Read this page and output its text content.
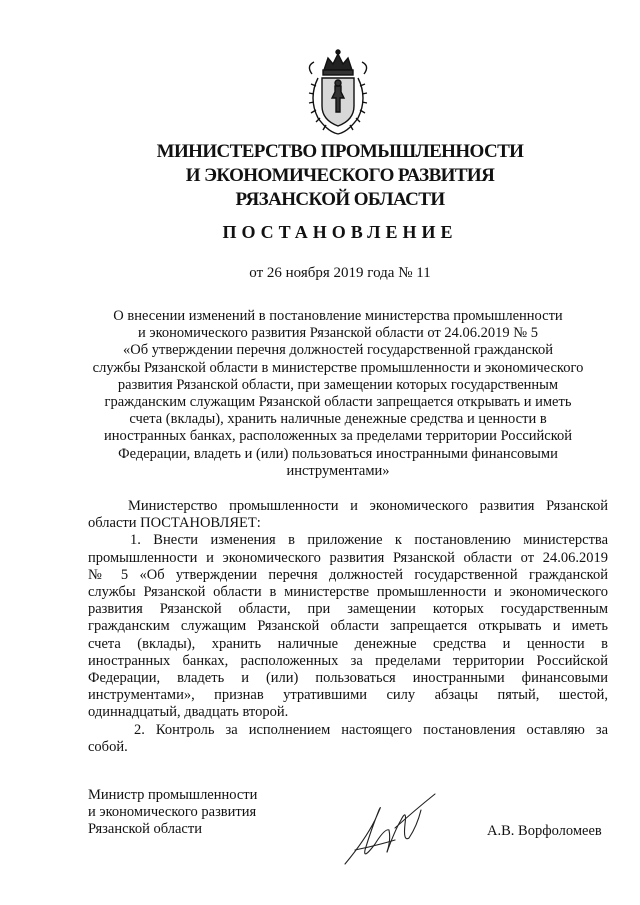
МИНИСТЕРСТВО ПРОМЫШЛЕННОСТИ
И ЭКОНОМИЧЕСКОГО РАЗВИТИЯ
РЯЗАНСКОЙ ОБЛАСТИ
ПОСТАНОВЛЕНИЕ
от 26 ноября 2019 года № 11
О внесении изменений в постановление министерства промышленности
и экономического развития Рязанской области от 24.06.2019 № 5
«Об утверждении перечня должностей государственной гражданской
службы Рязанской области в министерстве промышленности и экономического
развития Рязанской области, при замещении которых государственным
гражданским служащим Рязанской области запрещается открывать и иметь
счета (вклады), хранить наличные денежные средства и ценности в
иностранных банках, расположенных за пределами территории Российской
Федерации, владеть и (или) пользоваться иностранными финансовыми
инструментами»
Министерство промышленности и экономического развития Рязанской
области ПОСТАНОВЛЯЕТ:
1. Внести изменения в приложение к постановлению министерства
промышленности и экономического развития Рязанской области от 24.06.2019
№ 5 «Об утверждении перечня должностей государственной гражданской
службы Рязанской области в министерстве промышленности и экономического
развития Рязанской области, при замещении которых государственным
гражданским служащим Рязанской области запрещается открывать и иметь
счета (вклады), хранить наличные денежные средства и ценности в
иностранных банках, расположенных за пределами территории Российской
Федерации, владеть и (или) пользоваться иностранными финансовыми
инструментами», признав утратившими силу абзацы пятый, шестой,
одиннадцатый, двадцать второй.
2. Контроль за исполнением настоящего постановления оставляю за
собой.
Министр промышленности
и экономического развития
Рязанской области	А.В. Ворфоломеев
